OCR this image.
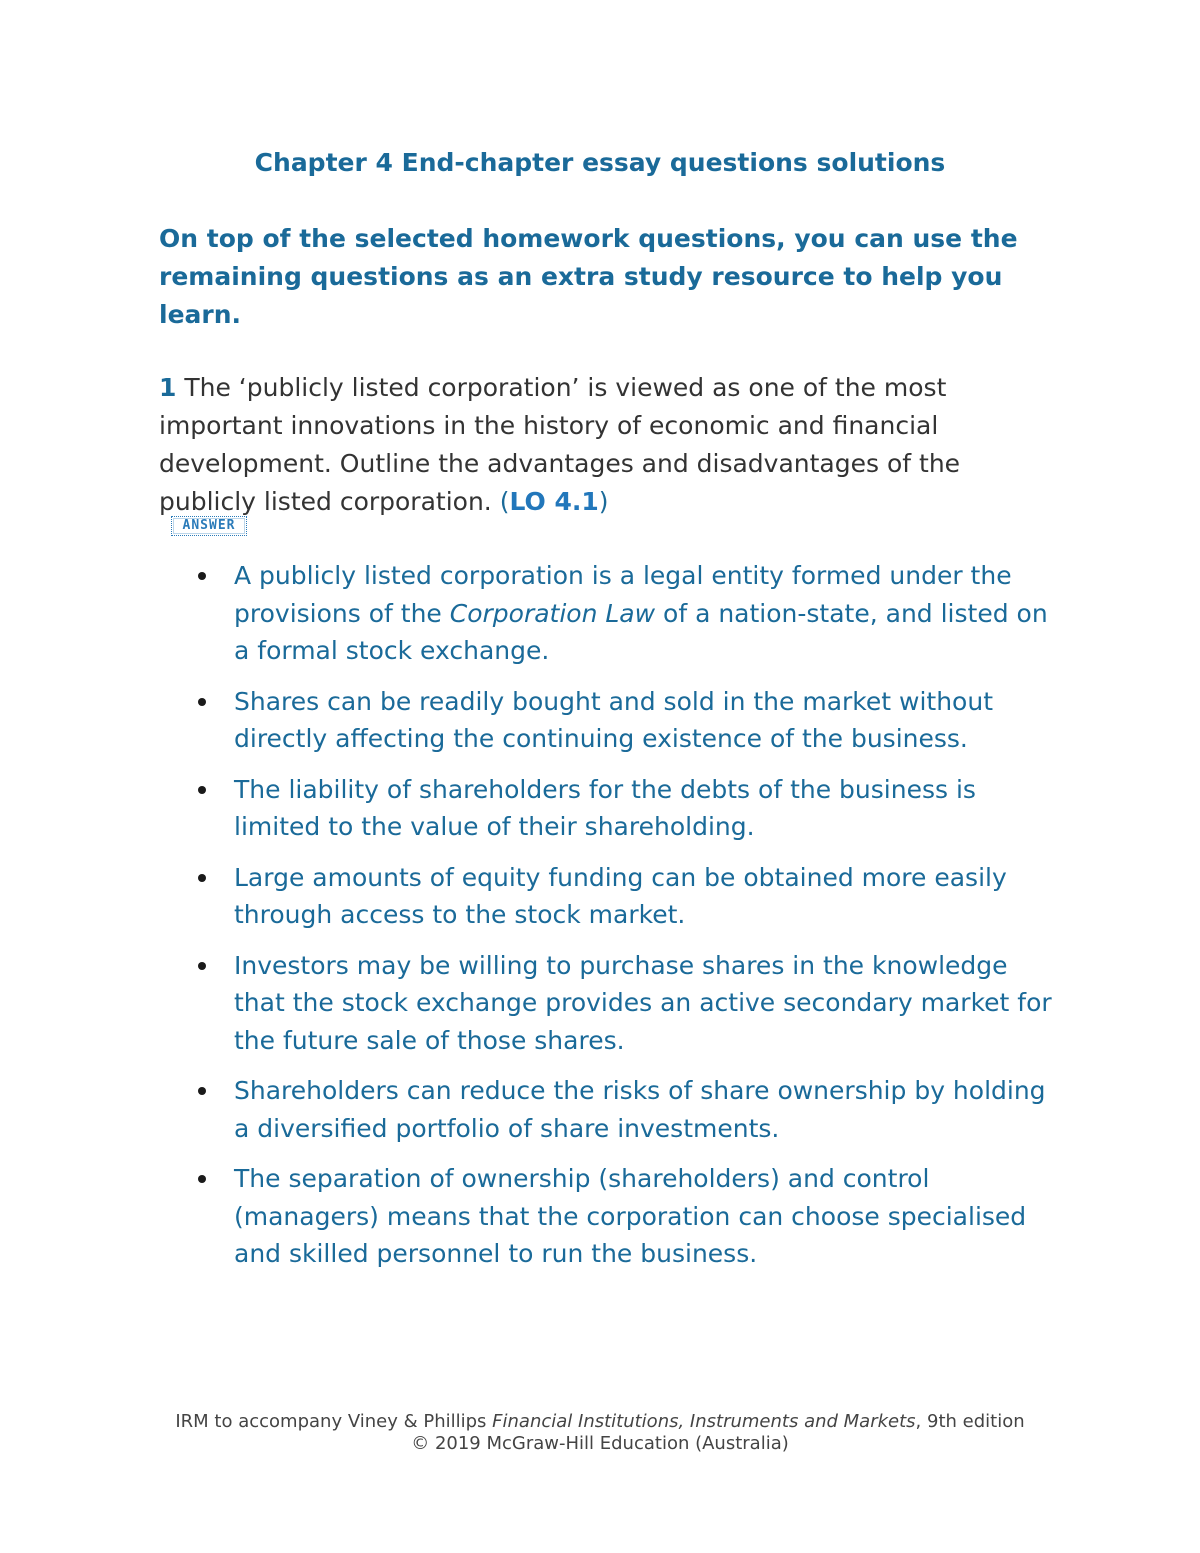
Chapter 4 End-chapter essay questions solutions

On top of the selected homework questions, you can use the remaining questions as an extra study resource to help you learn.

1 The ‘publicly listed corporation’ is viewed as one of the most important innovations in the history of economic and financial development. Outline the advantages and disadvantages of the publicly listed corporation. (LO 4.1)

ANSWER
A publicly listed corporation is a legal entity formed under the provisions of the Corporation Law of a nation-state, and listed on a formal stock exchange.
Shares can be readily bought and sold in the market without directly affecting the continuing existence of the business.
The liability of shareholders for the debts of the business is limited to the value of their shareholding.
Large amounts of equity funding can be obtained more easily through access to the stock market.
Investors may be willing to purchase shares in the knowledge that the stock exchange provides an active secondary market for the future sale of those shares.
Shareholders can reduce the risks of share ownership by holding a diversified portfolio of share investments.
The separation of ownership (shareholders) and control (managers) means that the corporation can choose specialised and skilled personnel to run the business.
IRM to accompany Viney & Phillips Financial Institutions, Instruments and Markets, 9th edition
© 2019 McGraw-Hill Education (Australia)
